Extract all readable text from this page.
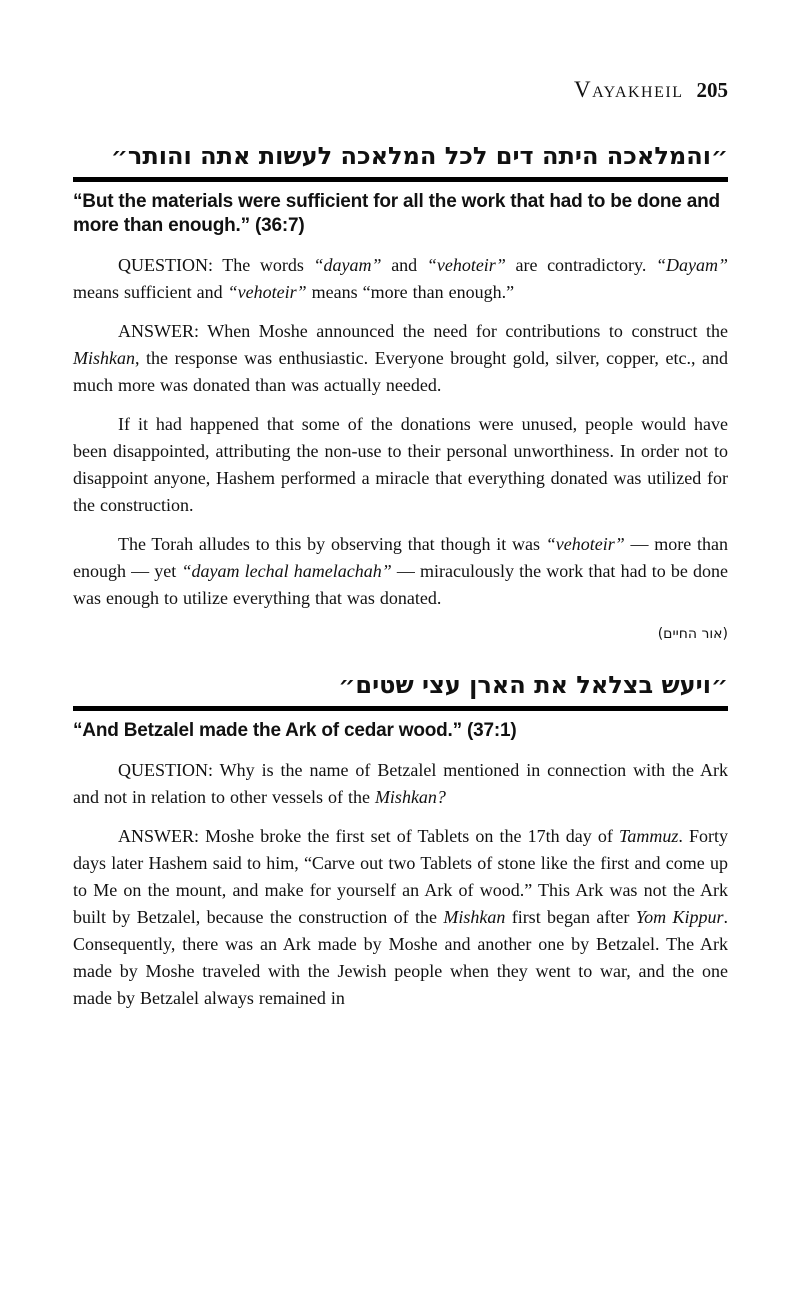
Vayakheil 205
״והמלאכה היתה דים לכל המלאכה לעשות אתה והותר״
“But the materials were sufficient for all the work that had to be done and more than enough.” (36:7)

QUESTION: The words “dayam” and “vehoteir” are contradictory. “Dayam” means sufficient and “vehoteir” means “more than enough.”

ANSWER: When Moshe announced the need for contributions to construct the Mishkan, the response was enthusiastic. Everyone brought gold, silver, copper, etc., and much more was donated than was actually needed.

If it had happened that some of the donations were unused, people would have been disappointed, attributing the non-use to their personal unworthiness. In order not to disappoint anyone, Hashem performed a miracle that everything donated was utilized for the construction.

The Torah alludes to this by observing that though it was “vehoteir” — more than enough — yet “dayam lechal hamelachah” — miraculously the work that had to be done was enough to utilize everything that was donated.

(אור החיים)
״ויעש בצלאל את הארן עצי שטים״
“And Betzalel made the Ark of cedar wood.” (37:1)

QUESTION: Why is the name of Betzalel mentioned in connection with the Ark and not in relation to other vessels of the Mishkan?

ANSWER: Moshe broke the first set of Tablets on the 17th day of Tammuz. Forty days later Hashem said to him, “Carve out two Tablets of stone like the first and come up to Me on the mount, and make for yourself an Ark of wood.” This Ark was not the Ark built by Betzalel, because the construction of the Mishkan first began after Yom Kippur. Consequently, there was an Ark made by Moshe and another one by Betzalel. The Ark made by Moshe traveled with the Jewish people when they went to war, and the one made by Betzalel always remained in
